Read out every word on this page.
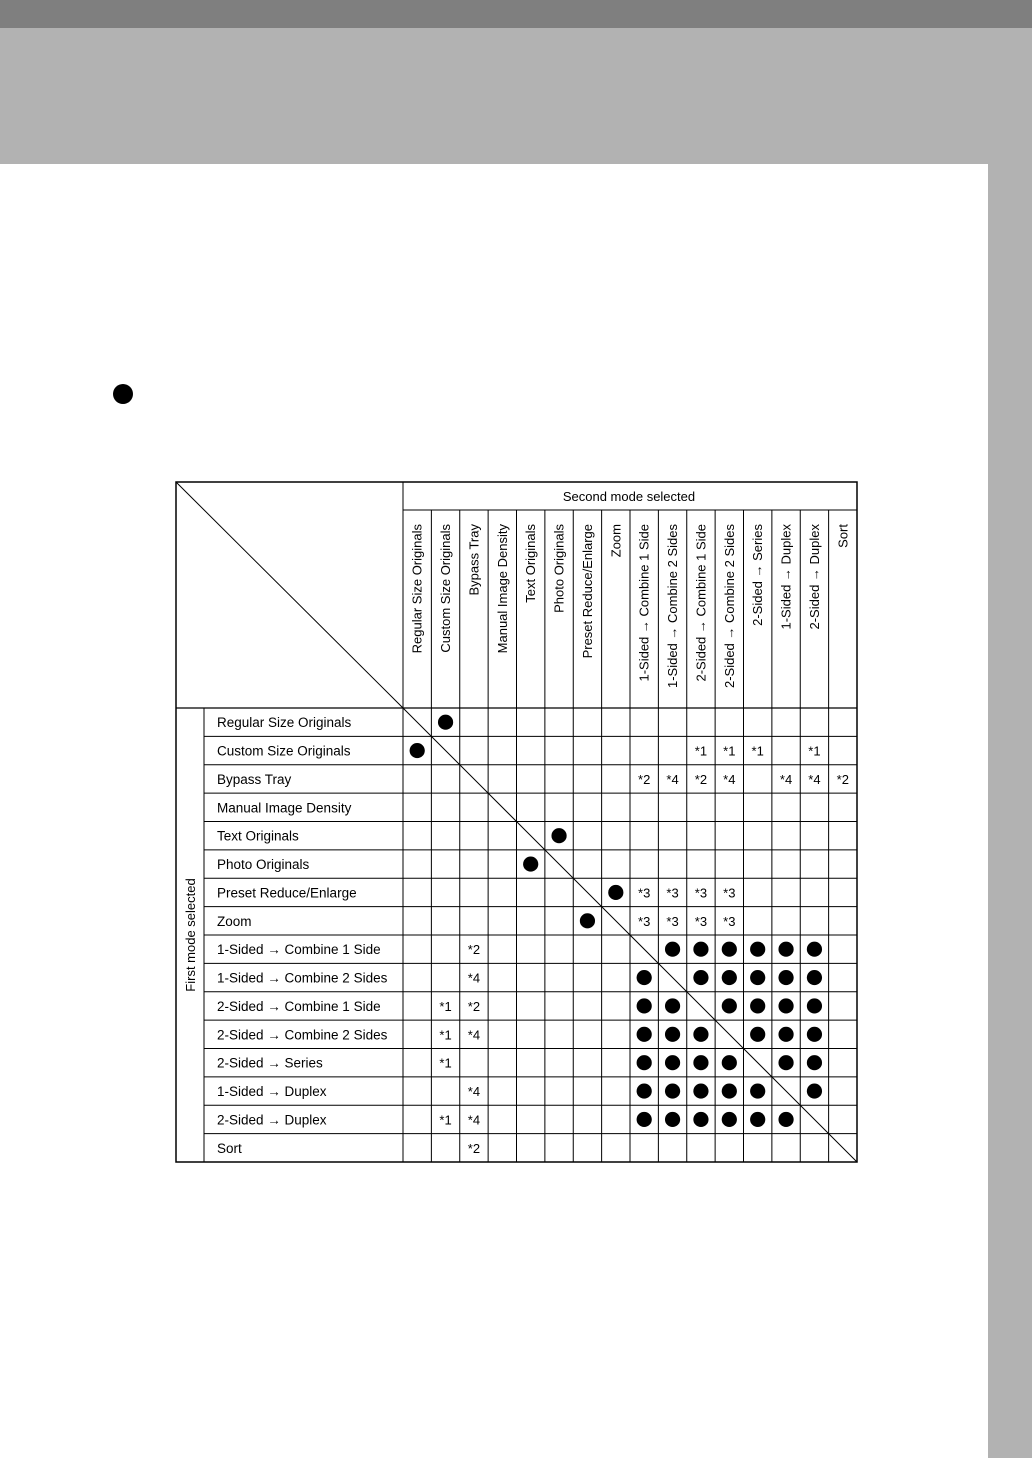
Second mode selected
First mode selected
Regular Size Originals Custom Size Originals Bypass Tray Manual Image Density Text Originals Photo Originals Preset Reduce/Enlarge Zoom 1-Sided → Combine 1 Side 1-Sided → Combine 2 Sides 2-Sided → Combine 1 Side 2-Sided → Combine 2 Sides 2-Sided → Series 1-Sided → Duplex 2-Sided → Duplex Sort
Regular Size Originals
Custom Size Originals
Bypass Tray
Manual Image Density
Text Originals
Photo Originals
Preset Reduce/Enlarge
Zoom
1-Sided → Combine 1 Side
1-Sided → Combine 2 Sides
2-Sided → Combine 1 Side
2-Sided → Combine 2 Sides
2-Sided → Series
1-Sided → Duplex
2-Sided → Duplex
Sort
*1 *1 *1	*1
*2 *4 *2 *4	*4 *4 *2
*3 *3 *3 *3
*3 *3 *3 *3
*2
*4
*1 *2
*1 *4
*1
*4
*1 *4
*2
